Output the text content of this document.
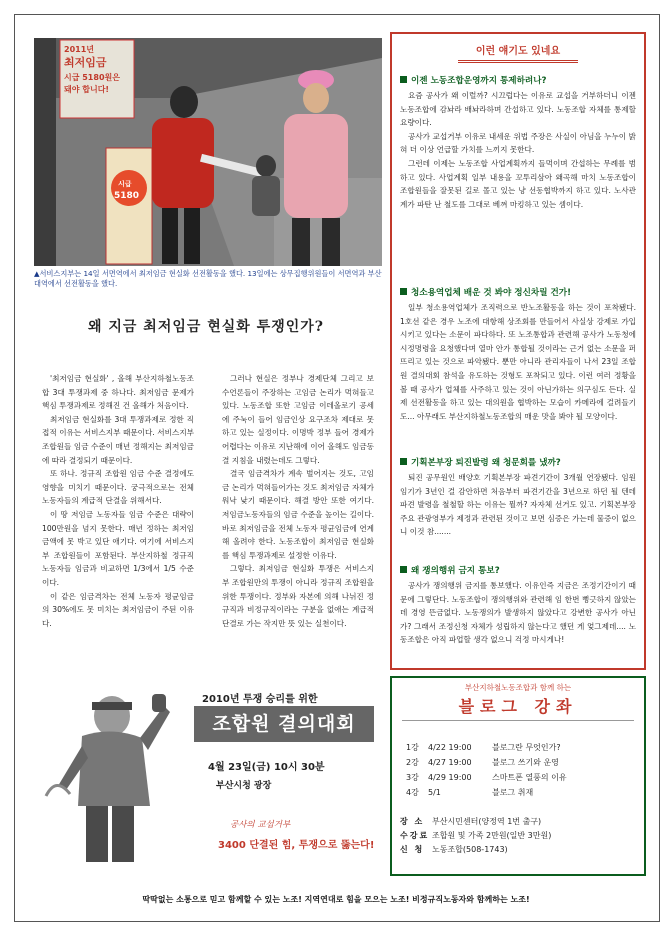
2011년
최저임금
시급 5180원은
돼야 합니다!
시급
5180
▲서비스지부는 14일 서면역에서 최저임금 현실화 선전활동을 했다. 13일에는 상무집행위원들이 서면역과 부산대역에서 선전활동을 했다.
이런 얘기도 있네요
이젠 노동조합운영까지 통제하려나?

요즘 공사가 왜 이럴까? 시끄럽다는 이유로 교섭을 거부하더니 이젠 노동조합에 감놔라 배놔라하며 간섭하고 있다. 노동조합 자체를 통제할 요량이다.

공사가 교섭거부 이유로 내세운 위법 주장은 사실이 아님을 누누이 밝혀 더 이상 언급할 가치를 느끼지 못한다.

그런데 이제는 노동조합 사업계획까지 들먹이며 간섭하는 무례를 범하고 있다. 사업계획 일부 내용을 꼬투리삼아 왜곡해 마치 노동조합이 조합원들을 잘못된 길로 몰고 있는 냥 선동협박까지 하고 있다. 노사관계가 파탄 난 철도를 그대로 베껴 마킹하고 있는 셈이다.

청소용역업체 배운 것 봐야 정신차릴 건가!

일부 청소용역업체가 조직력으로 반노조활동을 하는 것이 포착됐다. 1호선 같은 경우 노조에 대항해 상조회를 만들어서 사실상 강제로 가입시키고 있다는 소문이 파다하다. 또 노조통합과 관련해 공사가 노동청에 시정명령을 요청했다며 열마 안가 통합될 것이라는 근거 없는 소문을 퍼뜨리고 있는 것으로 파악됐다. 뿐만 아니라 관리자들이 나서 23일 조합원 결의대회 참석을 유도하는 것형도 포착되고 있다. 이런 여러 정황을 볼 때 공사가 업체를 사주하고 있는 것이 아닌가하는 의구심도 든다. 실제 선전활동을 하고 있는 대의원을 협박하는 모습이 카메라에 걸려들기도... 아무래도 부산지하철노동조합의 매운 맛을 봐야 될 모양이다.

기획본부장 퇴진발령 왜 청문회를 냈까?

퇴진 공무원인 배양호 기획본부장 파견기간이 3개월 연장됐다. 임원 임기가 3년인 걸 감안하면 처음부터 파견기간을 3년으로 하던 될 텐데 파견 발령을 철철할 하는 이유는 뭘까? 자자체 선거도 있고. 기획본부장 주요 관광영부가 제정과 관련된 것이고 보면 심증은 가는데 물증이 없으니 이것 참.......

왜 쟁의행위 금지 통보?

공사가 쟁의행위 금지를 통보했다. 이유인즉 지금은 조정기간이기 때문에 그렇단다. 노동조합이 쟁의행위와 관련해 임 한번 뻥긋하지 않았는데 경영 뜬금없다. 노동쟁의가 발생하지 않았다고 강변한 공사가 아닌가? 그래서 조정신청 자체가 성립하지 않는다고 했던 게 엊그제데.... 노동조합은 아직 파업할 생각 없으니 걱정 마시게나!

왜 지금 최저임금 현실화 투쟁인가?

'최저임금 현실화' , 올해 부산지하철노동조합 3대 투쟁과제 중 하나다. 최저임금 문제가 핵심 투쟁과제로 정해진 건 올해가 처음이다.

최저임금 현실화를 3대 투쟁과제로 정한 직접적 이유는 서비스지부 때문이다. 서비스지부 조합원들 임금 수준이 매년 정해지는 최저임금에 따라 결정되기 때문이다.

또 하나. 정규직 조합원 임금 수준 결정에도 영향을 미치기 때문이다. 궁극적으로는 전체 노동자들의 계급적 단결을 위해서다.

이 땅 저임금 노동자들 임금 수준은 대략이 100만원을 넘지 못한다. 매년 정하는 최저임금액에 못 박고 있단 애기다. 여기에 서비스지부 조합원들이 포함된다. 부산지하철 정규직 노동자들 임금과 비교하면 1/3에서 1/5 수준이다.

이 같은 임금격차는 전체 노동자 평균임금의 30%에도 못 미치는 최저임금이 주된 이유다.

그러나 현실은 정부나 경제단체 그리고 보수언론들이 주장하는 고임금 논리가 먹혀들고 있다. 노동조합 또한 고임금 이데올로기 공세에 주눅이 들어 임금인상 요구조차 제대로 못하고 있는 실정이다. 이명박 정부 들어 경제가 어렵다는 이유로 지난해에 이어 올해도 임금동결 지침을 내렸는데도 그렇다.

결국 임금격차가 계속 벌어지는 것도, 고임금 논리가 먹혀들어가는 것도 최저임금 자체가 워낙 낮기 때문이다. 해결 방안 또한 여기다. 저임금노동자들의 임금 수준을 높이는 길이다. 바로 최저임금을 전체 노동자 평균임금에 연계해 올려야 한다. 노동조합이 최저임금 현실화를 핵심 투쟁과제로 설정한 이유다.

그렇다. 최저임금 현실화 투쟁은 서비스지부 조합원만의 투쟁이 아니라 정규직 조합원을 위한 투쟁이다. 정부와 자본에 의해 나뉘진 정규직과 비정규직이라는 구분을 없애는 계급적 단결로 가는 작지만 뜻 있는 실천이다.

2010년 투쟁 승리를 위한
조합원 결의대회
4월 23일(금) 10시 30분
부산시청 광장
공사의 교섭거부
3400 단결된 힘, 투쟁으로 뚫는다!
부산지하철노동조합과 함께 하는
블로그 강좌
1강	4/22 19:00	블로그란 무엇인가?
2강	4/27 19:00	블로그 쓰기와 운영
3강	4/29 19:00	스마트폰 열풍의 이유
4강	5/1	블로그 취재
장 소 부산시민센터(양정역 1번 출구)
수강료 조합원 및 가족 2만원(일반 3만원)
신 청 노동조합(508-1743)
딱딱없는 소통으로 믿고 함께할 수 있는 노조! 지역연대로 힘을 모으는 노조! 비정규직노동자와 함께하는 노조!
